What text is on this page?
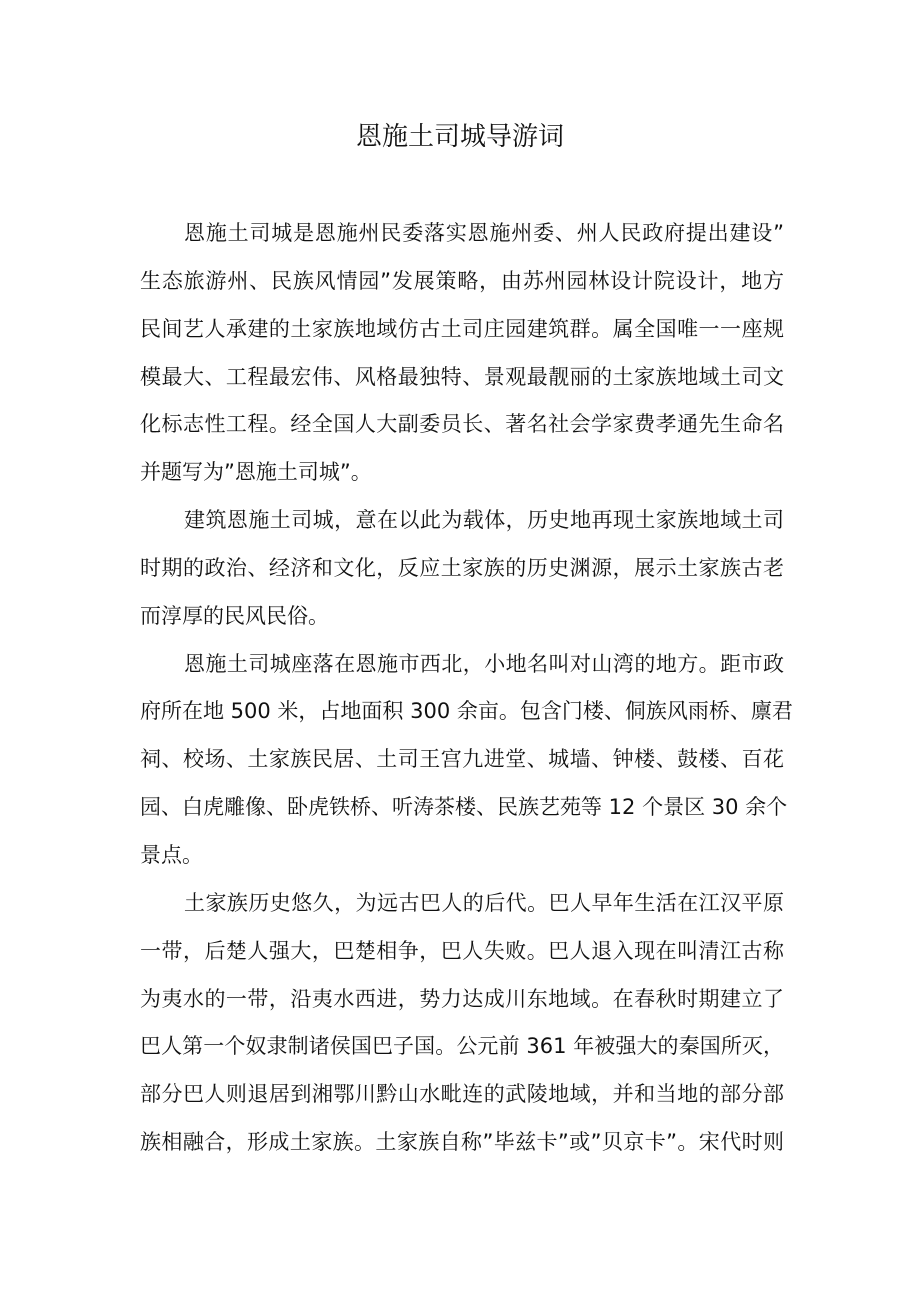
恩施土司城导游词
恩施土司城是恩施州民委落实恩施州委、州人民政府提出建设”
生态旅游州、民族风情园”发展策略，由苏州园林设计院设计，地方
民间艺人承建的土家族地域仿古土司庄园建筑群。属全国唯一一座规
模最大、工程最宏伟、风格最独特、景观最靓丽的土家族地域土司文
化标志性工程。经全国人大副委员长、著名社会学家费孝通先生命名
并题写为”恩施土司城”。
建筑恩施土司城，意在以此为载体，历史地再现土家族地域土司
时期的政治、经济和文化，反应土家族的历史渊源，展示土家族古老
而淳厚的民风民俗。
恩施土司城座落在恩施市西北，小地名叫对山湾的地方。距市政
府所在地 500 米，占地面积 300 余亩。包含门楼、侗族风雨桥、廪君
祠、校场、土家族民居、土司王宫九进堂、城墙、钟楼、鼓楼、百花
园、白虎雕像、卧虎铁桥、听涛茶楼、民族艺苑等 12 个景区 30 余个
景点。
土家族历史悠久，为远古巴人的后代。巴人早年生活在江汉平原
一带，后楚人强大，巴楚相争，巴人失败。巴人退入现在叫清江古称
为夷水的一带，沿夷水西进，势力达成川东地域。在春秋时期建立了
巴人第一个奴隶制诸侯国巴子国。公元前 361 年被强大的秦国所灭，
部分巴人则退居到湘鄂川黔山水毗连的武陵地域，并和当地的部分部
族相融合，形成土家族。土家族自称”毕兹卡”或”贝京卡”。宋代时则
